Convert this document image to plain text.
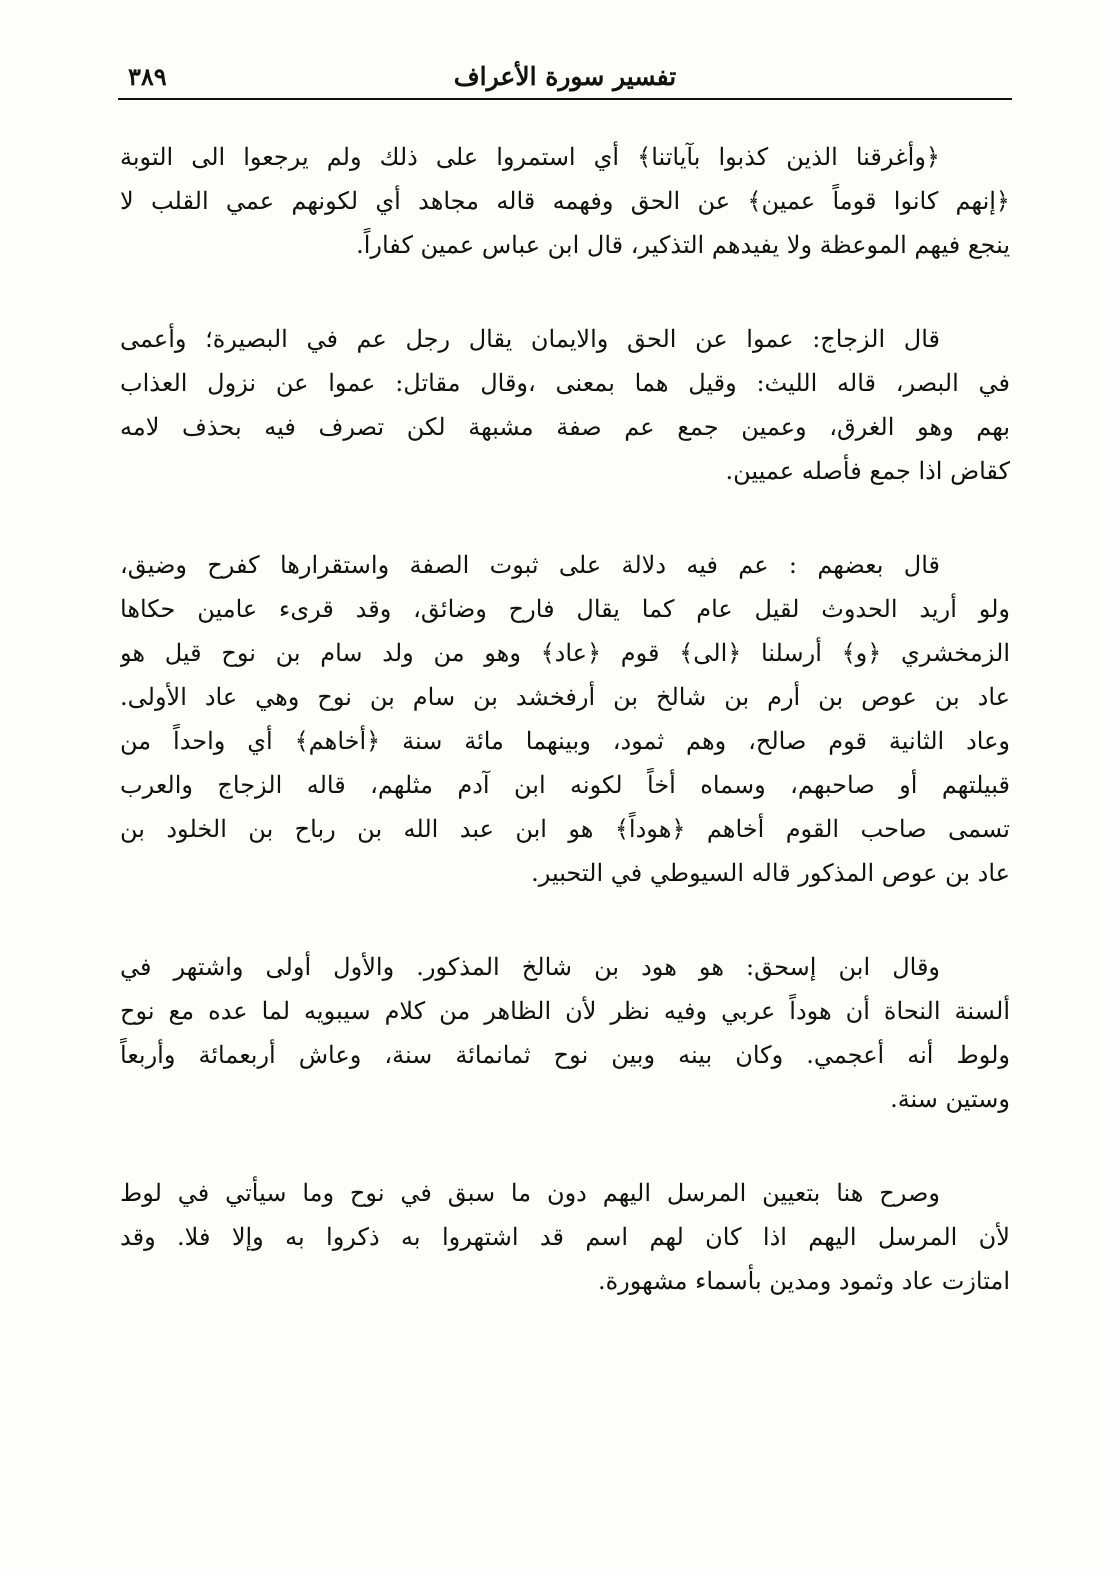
٣٨٩	تفسير سورة الأعراف
﴿وأغرقنا الذين كذبوا بآياتنا﴾ أي استمروا على ذلك ولم يرجعوا الى التوبة
﴿إنهم كانوا قوماً عمين﴾ عن الحق وفهمه قاله مجاهد أي لكونهم عمي القلب لا
ينجع فيهم الموعظة ولا يفيدهم التذكير، قال ابن عباس عمين كفاراً.
قال الزجاج: عموا عن الحق والايمان يقال رجل عم في البصيرة؛ وأعمى
في البصر، قاله الليث: وقيل هما بمعنى ،وقال مقاتل: عموا عن نزول العذاب
بهم وهو الغرق، وعمين جمع عم صفة مشبهة لكن تصرف فيه بحذف لامه
كقاض اذا جمع فأصله عميين.
قال بعضهم : عم فيه دلالة على ثبوت الصفة واستقرارها كفرح وضيق،
ولو أريد الحدوث لقيل عام كما يقال فارح وضائق، وقد قرىء عامين حكاها
الزمخشري ﴿و﴾ أرسلنا ﴿الى﴾ قوم ﴿عاد﴾ وهو من ولد سام بن نوح قيل هو
عاد بن عوص بن أرم بن شالخ بن أرفخشد بن سام بن نوح وهي عاد الأولى.
وعاد الثانية قوم صالح، وهم ثمود، وبينهما مائة سنة ﴿أخاهم﴾ أي واحداً من
قبيلتهم أو صاحبهم، وسماه أخاً لكونه ابن آدم مثلهم، قاله الزجاج والعرب
تسمى صاحب القوم أخاهم ﴿هوداً﴾ هو ابن عبد الله بن رباح بن الخلود بن
عاد بن عوص المذكور قاله السيوطي في التحبير.
وقال ابن إسحق: هو هود بن شالخ المذكور. والأول أولى واشتهر في
ألسنة النحاة أن هوداً عربي وفيه نظر لأن الظاهر من كلام سيبويه لما عده مع نوح
ولوط أنه أعجمي. وكان بينه وبين نوح ثمانمائة سنة، وعاش أربعمائة وأربعاً
وستين سنة.
وصرح هنا بتعيين المرسل اليهم دون ما سبق في نوح وما سيأتي في لوط
لأن المرسل اليهم اذا كان لهم اسم قد اشتهروا به ذكروا به وإلا فلا. وقد
امتازت عاد وثمود ومدين بأسماء مشهورة.
